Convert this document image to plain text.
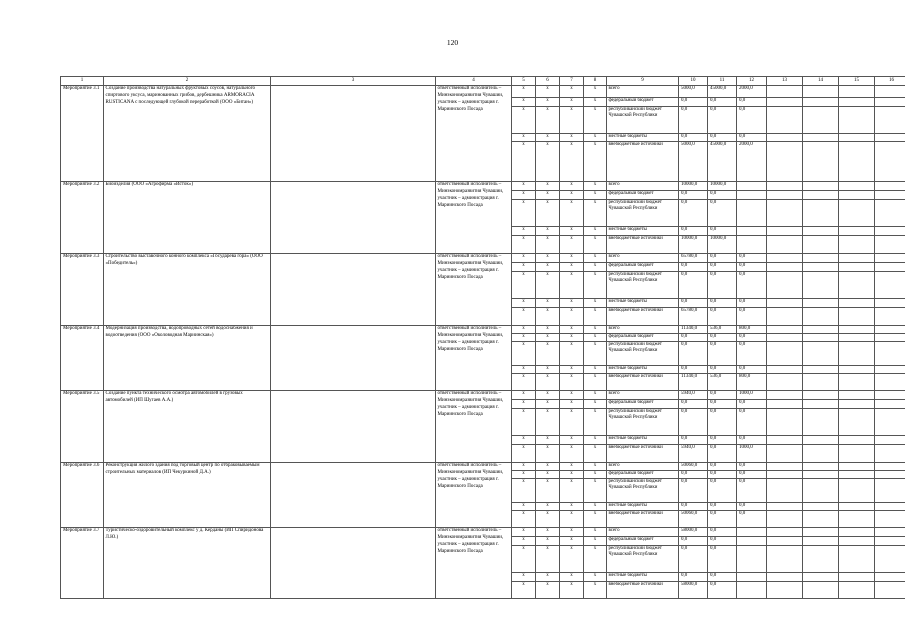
120
1	2	3	4	5	6	7	8	9	10	11	12	13	14	15	16
Мероприятие 3.1	Создание производства натуральных фруктовых соусов, натурального спиртового уксуса, маринованных грибов, дербешника ARMORACIA RUSTICANA с последующей глубокой переработкой (ООО «Битан»)		ответственный исполнитель – Минэкономразвития Чувашии, участник – администрация г. Мариинского Посада	х	х	х	х	всего	5000,0	45000,0	2000,0				
				х	х	х	х	федеральный бюджет	0,0	0,0	0,0				
				х	х	х	х	республиканский бюджет Чувашской Республики	0,0	0,0	0,0				
				х	х	х	х	местные бюджеты	0,0	0,0	0,0				
				х	х	х	х	внебюджетные источники	5000,0	45000,0	2000,0				
Мероприятие 3.2	Биоизделия (ООО «Агрофирма «Исток»)		ответственный исполнитель – Минэкономразвития Чувашии, участник – администрация г. Мариинского Посада	х	х	х	х	всего	10000,0	10000,0					
				х	х	х	х	федеральный бюджет	0,0	0,0					
				х	х	х	х	республиканский бюджет Чувашской Республики	0,0	0,0					
				х	х	х	х	местные бюджеты	0,0	0,0					
				х	х	х	х	внебюджетные источники	10000,0	10000,0					
Мероприятие 3.3	Строительство выставочного конного комплекса «Государева гора» (ООО «Победитель»)		ответственный исполнитель – Минэкономразвития Чувашии, участник – администрация г. Мариинского Посада	х	х	х	х	всего	65780,0	0,0	0,0				
				х	х	х	х	федеральный бюджет	0,0	0,0	0,0				
				х	х	х	х	республиканский бюджет Чувашской Республики	0,0	0,0	0,0				
				х	х	х	х	местные бюджеты	0,0	0,0	0,0				
				х	х	х	х	внебюджетные источники	65780,0	0,0	0,0				
Мероприятие 3.4	Модернизация производства, водопроводных сетей водоснабжения и водоотведения (ООО «Околоводная Мариинская»)		ответственный исполнитель – Минэкономразвития Чувашии, участник – администрация г. Мариинского Посада	х	х	х	х	всего	11340,0	536,0	800,0				
				х	х	х	х	федеральный бюджет	0,0	0,0	0,0				
				х	х	х	х	республиканский бюджет Чувашской Республики	0,0	0,0	0,0				
				х	х	х	х	местные бюджеты	0,0	0,0	0,0				
				х	х	х	х	внебюджетные источники	11340,0	536,0	800,0				
Мероприятие 3.5	Создание пункта технического осмотра автомобилей в грузовых автомобилей (ИП Шугаев А.А.)		ответственный исполнитель – Минэкономразвития Чувашии, участник – администрация г. Мариинского Посада	х	х	х	х	всего	5940,0	0,0	1000,0				
				х	х	х	х	федеральный бюджет	0,0	0,0	0,0				
				х	х	х	х	республиканский бюджет Чувашской Республики	0,0	0,0	0,0				
				х	х	х	х	местные бюджеты	0,0	0,0	0,0				
				х	х	х	х	внебюджетные источники	5940,0	0,0	1000,0				
Мероприятие 3.6	Реконструкция жилого здания под торговый центр по отбраковываемым строительных материалов (ИП Чекуркиной Д.А.)		ответственный исполнитель – Минэкономразвития Чувашии, участник – администрация г. Мариинского Посада	х	х	х	х	всего	50060,0	0,0	0,0				
				х	х	х	х	федеральный бюджет	0,0	0,0	0,0				
				х	х	х	х	республиканский бюджет Чувашской Республики	0,0	0,0	0,0				
				х	х	х	х	местные бюджеты	0,0	0,0	0,0				
				х	х	х	х	внебюджетные источники	50060,0	0,0	0,0				
Мероприятие 3.7	Туристическо-оздоровительный комплекс у д. Керданы (ИП Спиридонова Л.Ю.)		ответственный исполнитель – Минэкономразвития Чувашии, участник – администрация г. Мариинского Посада	х	х	х	х	всего	58000,0	0,0					
				х	х	х	х	федеральный бюджет	0,0	0,0					
				х	х	х	х	республиканский бюджет Чувашской Республики	0,0	0,0					
				х	х	х	х	местные бюджеты	0,0	0,0					
				х	х	х	х	внебюджетные источники	58000,0	0,0					
